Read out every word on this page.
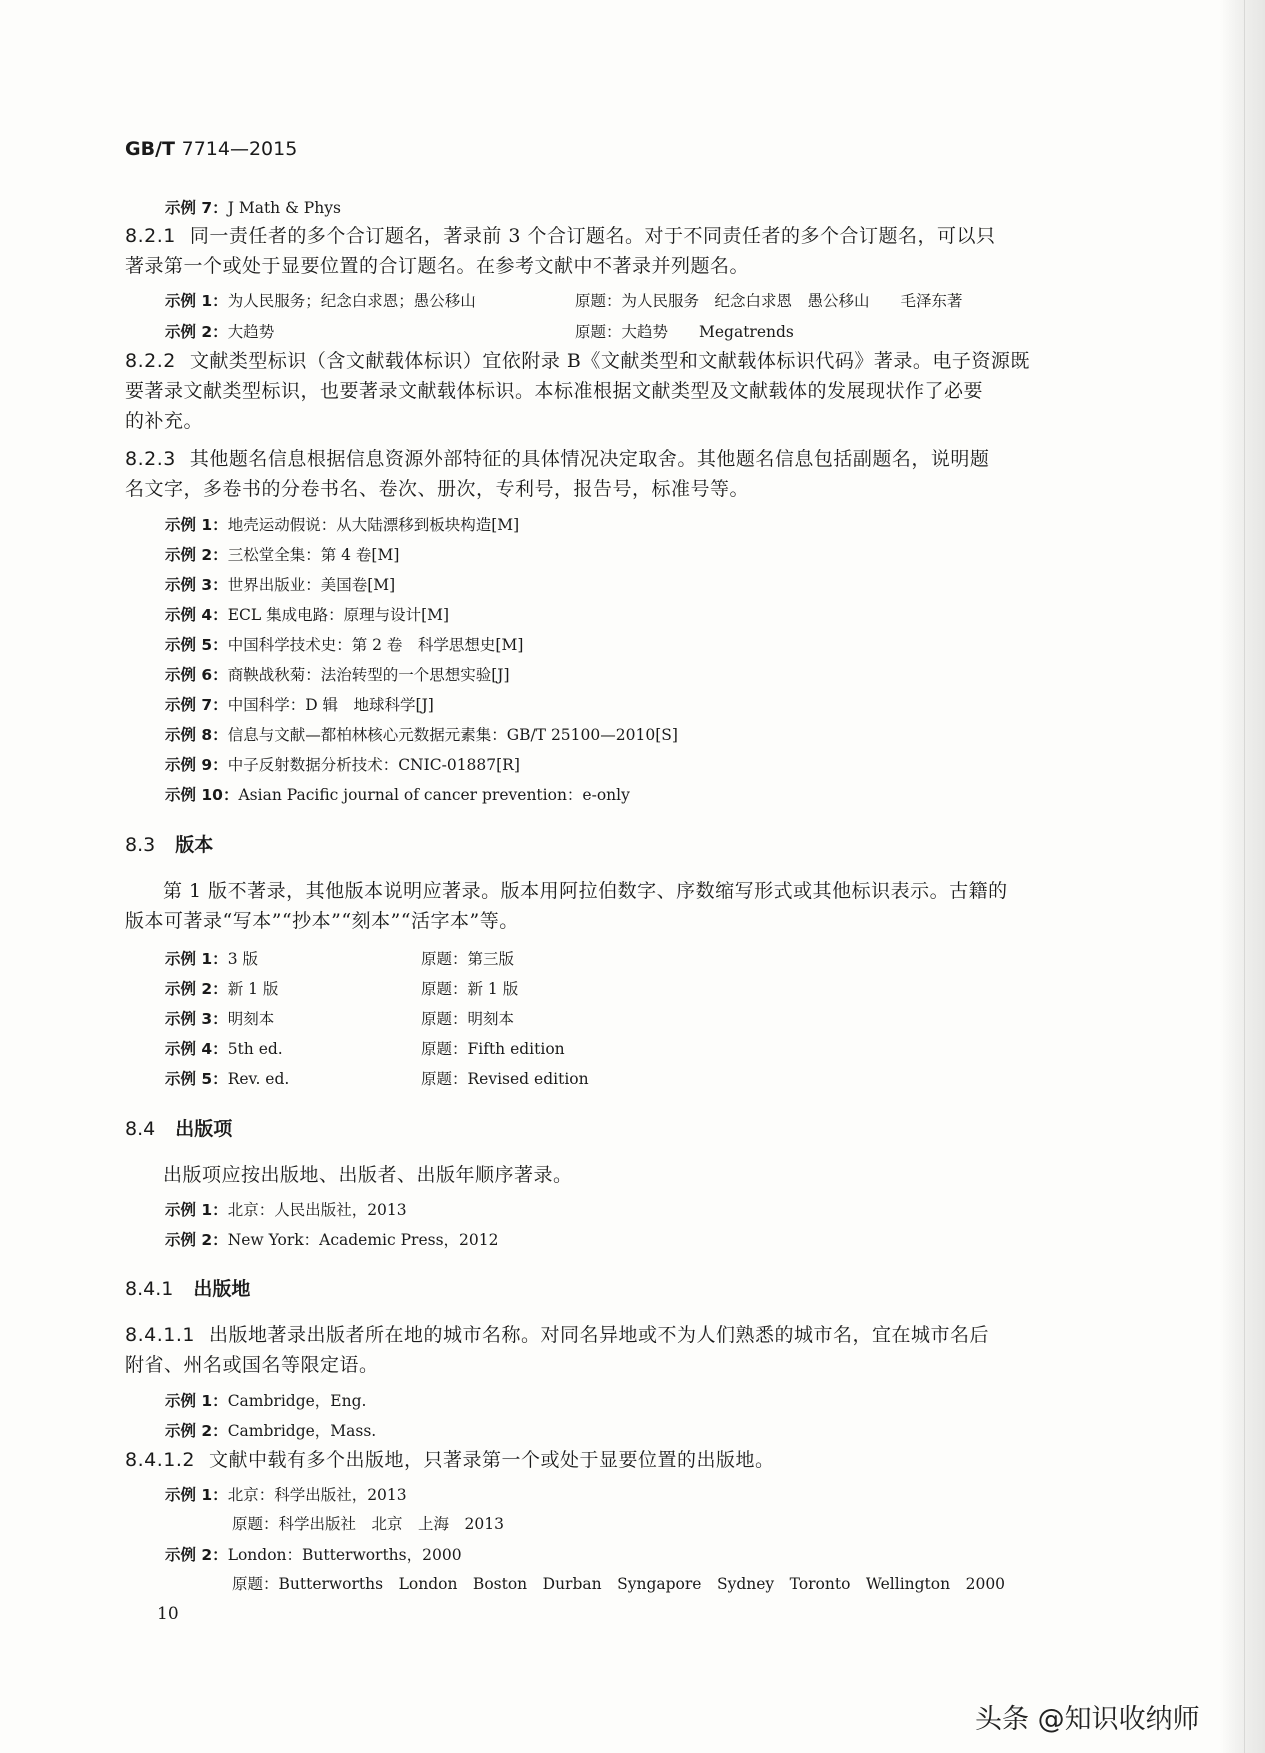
GB/T 7714—2015
示例 7：J Math & Phys
8.2.1 同一责任者的多个合订题名，著录前 3 个合订题名。对于不同责任者的多个合订题名，可以只
著录第一个或处于显要位置的合订题名。在参考文献中不著录并列题名。
示例 1：为人民服务；纪念白求恩；愚公移山	原题：为人民服务　纪念白求恩　愚公移山　　毛泽东著
示例 2：大趋势	原题：大趋势　　Megatrends
8.2.2 文献类型标识（含文献载体标识）宜依附录 B《文献类型和文献载体标识代码》著录。电子资源既
要著录文献类型标识，也要著录文献载体标识。本标准根据文献类型及文献载体的发展现状作了必要
的补充。
8.2.3 其他题名信息根据信息资源外部特征的具体情况决定取舍。其他题名信息包括副题名，说明题
名文字，多卷书的分卷书名、卷次、册次，专利号，报告号，标准号等。
示例 1：地壳运动假说：从大陆漂移到板块构造[M]
示例 2：三松堂全集：第 4 卷[M]
示例 3：世界出版业：美国卷[M]
示例 4：ECL 集成电路：原理与设计[M]
示例 5：中国科学技术史：第 2 卷　科学思想史[M]
示例 6：商鞅战秋菊：法治转型的一个思想实验[J]
示例 7：中国科学：D 辑　地球科学[J]
示例 8：信息与文献—都柏林核心元数据元素集：GB/T 25100—2010[S]
示例 9：中子反射数据分析技术：CNIC-01887[R]
示例 10：Asian Pacific journal of cancer prevention：e-only
8.3 版本
第 1 版不著录，其他版本说明应著录。版本用阿拉伯数字、序数缩写形式或其他标识表示。古籍的
版本可著录“写本”“抄本”“刻本”“活字本”等。
示例 1：3 版	原题：第三版
示例 2：新 1 版	原题：新 1 版
示例 3：明刻本	原题：明刻本
示例 4：5th ed.	原题：Fifth edition
示例 5：Rev. ed.	原题：Revised edition
8.4 出版项
出版项应按出版地、出版者、出版年顺序著录。
示例 1：北京：人民出版社，2013
示例 2：New York：Academic Press，2012
8.4.1 出版地
8.4.1.1 出版地著录出版者所在地的城市名称。对同名异地或不为人们熟悉的城市名，宜在城市名后
附省、州名或国名等限定语。
示例 1：Cambridge，Eng.
示例 2：Cambridge，Mass.
8.4.1.2 文献中载有多个出版地，只著录第一个或处于显要位置的出版地。
示例 1：北京：科学出版社，2013
原题：科学出版社　北京　上海　2013
示例 2：London：Butterworths，2000
原题：Butterworths　London　Boston　Durban　Syngapore　Sydney　Toronto　Wellington　2000
10
头条 @知识收纳师
